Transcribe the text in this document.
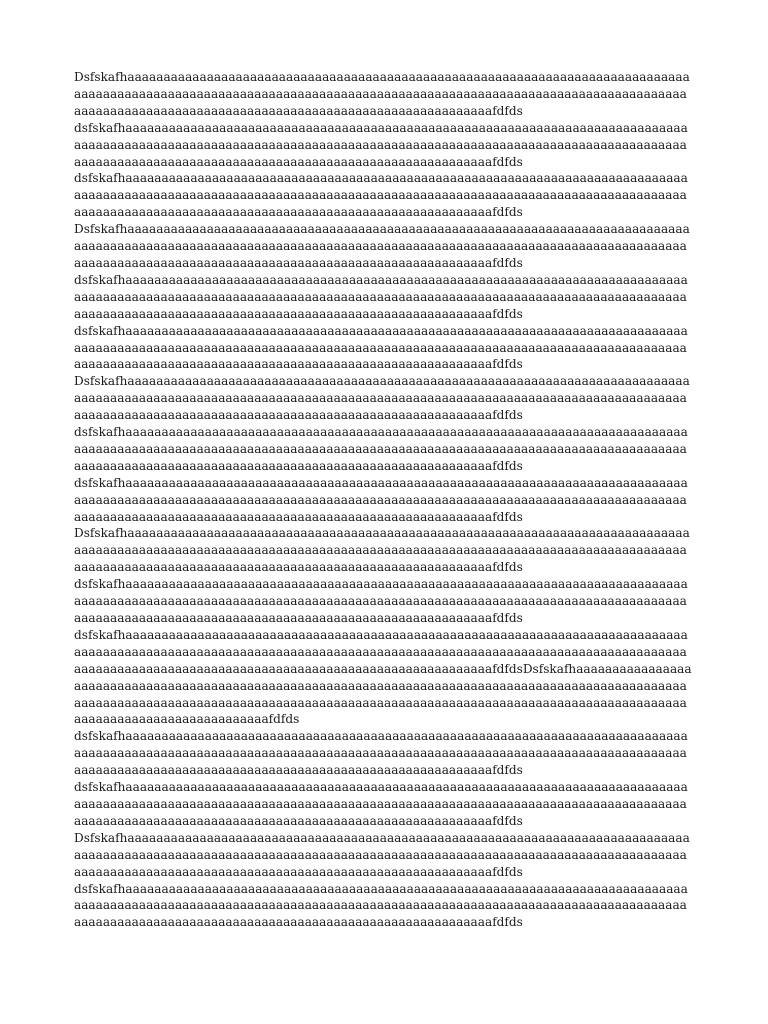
Dsfskafhaaaaaaaaaaaaaaaaaaaaaaaaaaaaaaaaaaaaaaaaaaaaaaaaaaaaaaaaaaaaaaaaaaaaaaaaaaaaaaaaaaaaaaaaaaaaaaaaaaaaaaaaaaaaaaaaaaaaaaaaaaaaaaaaaaaaaaaaaaaaaaaaaaaaaaaaaaaaaaaaaaaaaaaaaaaaaaaaaaaaaaaaaaaaaaaaaaaaaaaaaaaaaaaaaaaaaaaaaaaaafdfds

dsfskafhaaaaaaaaaaaaaaaaaaaaaaaaaaaaaaaaaaaaaaaaaaaaaaaaaaaaaaaaaaaaaaaaaaaaaaaaaaaaaaaaaaaaaaaaaaaaaaaaaaaaaaaaaaaaaaaaaaaaaaaaaaaaaaaaaaaaaaaaaaaaaaaaaaaaaaaaaaaaaaaaaaaaaaaaaaaaaaaaaaaaaaaaaaaaaaaaaaaaaaaaaaaaaaaaaaaaaaaaaaaaafdfds

dsfskafhaaaaaaaaaaaaaaaaaaaaaaaaaaaaaaaaaaaaaaaaaaaaaaaaaaaaaaaaaaaaaaaaaaaaaaaaaaaaaaaaaaaaaaaaaaaaaaaaaaaaaaaaaaaaaaaaaaaaaaaaaaaaaaaaaaaaaaaaaaaaaaaaaaaaaaaaaaaaaaaaaaaaaaaaaaaaaaaaaaaaaaaaaaaaaaaaaaaaaaaaaaaaaaaaaaaaaaaaaaaaafdfds

Dsfskafhaaaaaaaaaaaaaaaaaaaaaaaaaaaaaaaaaaaaaaaaaaaaaaaaaaaaaaaaaaaaaaaaaaaaaaaaaaaaaaaaaaaaaaaaaaaaaaaaaaaaaaaaaaaaaaaaaaaaaaaaaaaaaaaaaaaaaaaaaaaaaaaaaaaaaaaaaaaaaaaaaaaaaaaaaaaaaaaaaaaaaaaaaaaaaaaaaaaaaaaaaaaaaaaaaaaaaaaaaaaaafdfds

dsfskafhaaaaaaaaaaaaaaaaaaaaaaaaaaaaaaaaaaaaaaaaaaaaaaaaaaaaaaaaaaaaaaaaaaaaaaaaaaaaaaaaaaaaaaaaaaaaaaaaaaaaaaaaaaaaaaaaaaaaaaaaaaaaaaaaaaaaaaaaaaaaaaaaaaaaaaaaaaaaaaaaaaaaaaaaaaaaaaaaaaaaaaaaaaaaaaaaaaaaaaaaaaaaaaaaaaaaaaaaaaaaafdfds

dsfskafhaaaaaaaaaaaaaaaaaaaaaaaaaaaaaaaaaaaaaaaaaaaaaaaaaaaaaaaaaaaaaaaaaaaaaaaaaaaaaaaaaaaaaaaaaaaaaaaaaaaaaaaaaaaaaaaaaaaaaaaaaaaaaaaaaaaaaaaaaaaaaaaaaaaaaaaaaaaaaaaaaaaaaaaaaaaaaaaaaaaaaaaaaaaaaaaaaaaaaaaaaaaaaaaaaaaaaaaaaaaaafdfds

Dsfskafhaaaaaaaaaaaaaaaaaaaaaaaaaaaaaaaaaaaaaaaaaaaaaaaaaaaaaaaaaaaaaaaaaaaaaaaaaaaaaaaaaaaaaaaaaaaaaaaaaaaaaaaaaaaaaaaaaaaaaaaaaaaaaaaaaaaaaaaaaaaaaaaaaaaaaaaaaaaaaaaaaaaaaaaaaaaaaaaaaaaaaaaaaaaaaaaaaaaaaaaaaaaaaaaaaaaaaaaaaaaaafdfds

dsfskafhaaaaaaaaaaaaaaaaaaaaaaaaaaaaaaaaaaaaaaaaaaaaaaaaaaaaaaaaaaaaaaaaaaaaaaaaaaaaaaaaaaaaaaaaaaaaaaaaaaaaaaaaaaaaaaaaaaaaaaaaaaaaaaaaaaaaaaaaaaaaaaaaaaaaaaaaaaaaaaaaaaaaaaaaaaaaaaaaaaaaaaaaaaaaaaaaaaaaaaaaaaaaaaaaaaaaaaaaaaaaafdfds

dsfskafhaaaaaaaaaaaaaaaaaaaaaaaaaaaaaaaaaaaaaaaaaaaaaaaaaaaaaaaaaaaaaaaaaaaaaaaaaaaaaaaaaaaaaaaaaaaaaaaaaaaaaaaaaaaaaaaaaaaaaaaaaaaaaaaaaaaaaaaaaaaaaaaaaaaaaaaaaaaaaaaaaaaaaaaaaaaaaaaaaaaaaaaaaaaaaaaaaaaaaaaaaaaaaaaaaaaaaaaaaaaaafdfds

Dsfskafhaaaaaaaaaaaaaaaaaaaaaaaaaaaaaaaaaaaaaaaaaaaaaaaaaaaaaaaaaaaaaaaaaaaaaaaaaaaaaaaaaaaaaaaaaaaaaaaaaaaaaaaaaaaaaaaaaaaaaaaaaaaaaaaaaaaaaaaaaaaaaaaaaaaaaaaaaaaaaaaaaaaaaaaaaaaaaaaaaaaaaaaaaaaaaaaaaaaaaaaaaaaaaaaaaaaaaaaaaaaaafdfds

dsfskafhaaaaaaaaaaaaaaaaaaaaaaaaaaaaaaaaaaaaaaaaaaaaaaaaaaaaaaaaaaaaaaaaaaaaaaaaaaaaaaaaaaaaaaaaaaaaaaaaaaaaaaaaaaaaaaaaaaaaaaaaaaaaaaaaaaaaaaaaaaaaaaaaaaaaaaaaaaaaaaaaaaaaaaaaaaaaaaaaaaaaaaaaaaaaaaaaaaaaaaaaaaaaaaaaaaaaaaaaaaaaafdfds

dsfskafhaaaaaaaaaaaaaaaaaaaaaaaaaaaaaaaaaaaaaaaaaaaaaaaaaaaaaaaaaaaaaaaaaaaaaaaaaaaaaaaaaaaaaaaaaaaaaaaaaaaaaaaaaaaaaaaaaaaaaaaaaaaaaaaaaaaaaaaaaaaaaaaaaaaaaaaaaaaaaaaaaaaaaaaaaaaaaaaaaaaaaaaaaaaaaaaaaaaaaaaaaaaaaaaaaaaaaaaaaaaaafdfdsDsfskafhaaaaaaaaaaaaaaaaaaaaaaaaaaaaaaaaaaaaaaaaaaaaaaaaaaaaaaaaaaaaaaaaaaaaaaaaaaaaaaaaaaaaaaaaaaaaaaaaaaaaaaaaaaaaaaaaaaaaaaaaaaaaaaaaaaaaaaaaaaaaaaaaaaaaaaaaaaaaaaaaaaaaaaaaaaaaaaaaaaaaaaaaaaaaaaaaaaaaaaaaaaaaaaaaaaaaafdfds

dsfskafhaaaaaaaaaaaaaaaaaaaaaaaaaaaaaaaaaaaaaaaaaaaaaaaaaaaaaaaaaaaaaaaaaaaaaaaaaaaaaaaaaaaaaaaaaaaaaaaaaaaaaaaaaaaaaaaaaaaaaaaaaaaaaaaaaaaaaaaaaaaaaaaaaaaaaaaaaaaaaaaaaaaaaaaaaaaaaaaaaaaaaaaaaaaaaaaaaaaaaaaaaaaaaaaaaaaaaaaaaaaaafdfds

dsfskafhaaaaaaaaaaaaaaaaaaaaaaaaaaaaaaaaaaaaaaaaaaaaaaaaaaaaaaaaaaaaaaaaaaaaaaaaaaaaaaaaaaaaaaaaaaaaaaaaaaaaaaaaaaaaaaaaaaaaaaaaaaaaaaaaaaaaaaaaaaaaaaaaaaaaaaaaaaaaaaaaaaaaaaaaaaaaaaaaaaaaaaaaaaaaaaaaaaaaaaaaaaaaaaaaaaaaaaaaaaaaafdfds

Dsfskafhaaaaaaaaaaaaaaaaaaaaaaaaaaaaaaaaaaaaaaaaaaaaaaaaaaaaaaaaaaaaaaaaaaaaaaaaaaaaaaaaaaaaaaaaaaaaaaaaaaaaaaaaaaaaaaaaaaaaaaaaaaaaaaaaaaaaaaaaaaaaaaaaaaaaaaaaaaaaaaaaaaaaaaaaaaaaaaaaaaaaaaaaaaaaaaaaaaaaaaaaaaaaaaaaaaaaaaaaaaaaafdfds

dsfskafhaaaaaaaaaaaaaaaaaaaaaaaaaaaaaaaaaaaaaaaaaaaaaaaaaaaaaaaaaaaaaaaaaaaaaaaaaaaaaaaaaaaaaaaaaaaaaaaaaaaaaaaaaaaaaaaaaaaaaaaaaaaaaaaaaaaaaaaaaaaaaaaaaaaaaaaaaaaaaaaaaaaaaaaaaaaaaaaaaaaaaaaaaaaaaaaaaaaaaaaaaaaaaaaaaaaaaaaaaaaaafdfds
